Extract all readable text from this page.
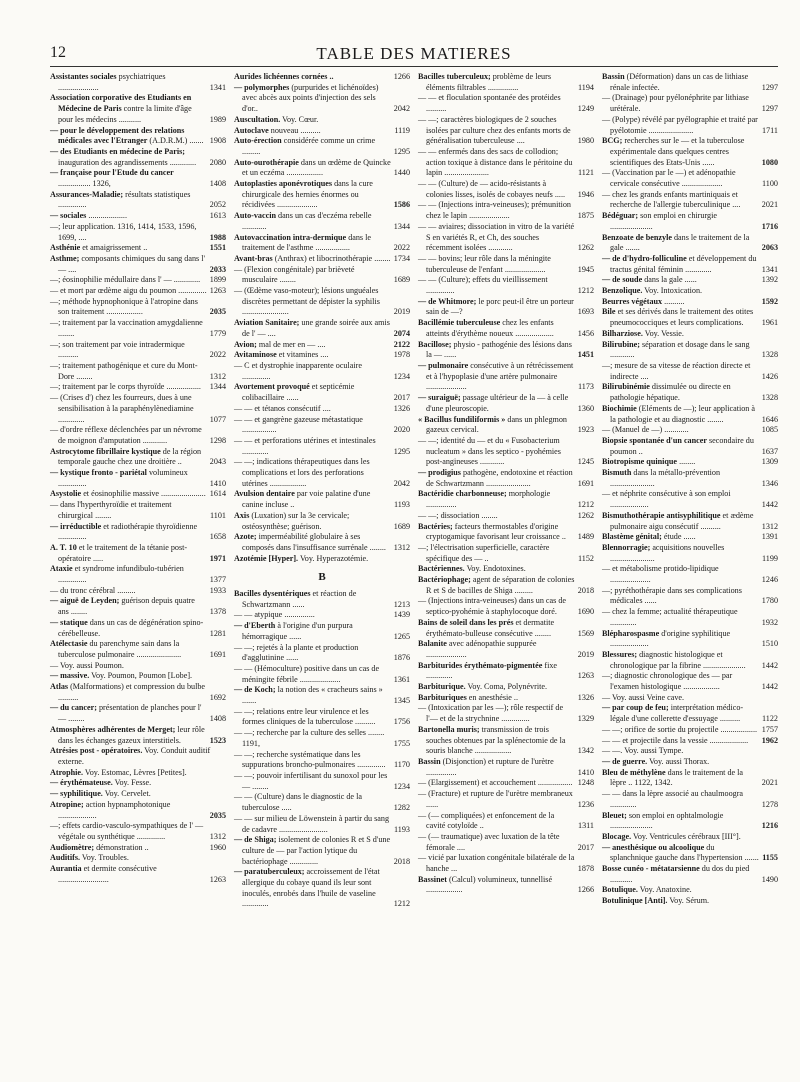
12	TABLE DES MATIERES
Assistantes sociales psychiatriques ....................	1341
Association corporative des Etudiants en Médecine de Paris contre la limite d'âge pour les médecins ...........	1989
— pour le développement des relations médicales avec l'Etranger (A.D.R.M.) ....... 1908
— des Etudiants en médecine de Paris; inauguration des agrandissements .............	2080
— française pour l'Etude du cancer ................ 1326,	1408
Assurances-Maladie; résultats statistiques ..............	2052
— sociales ...................	1613
—; leur application. 1316, 1414, 1533, 1596, 1699, ....	1988
Asthénie et amaigrissement ..	1551
Asthme; composants chimiques du sang dans l' — ....	2033
—; éosinophilie médullaire dans l' — .............	1899
— et mort par œdème aigu du poumon .............. 1263
—; méthode hypnophonique à l'atropine dans son traitement ..................	2035
—; traitement par la vaccination amygdalienne ........	1779
—; son traitement par voie intradermique ..........	2022
—; traitement pathogénique et cure du Mont-Dore ........	1312
—; traitement par le corps thyroïde .................	1344
— (Crises d') chez les fourreurs, dues à une sensibilisation à la paraphénylènediamine .............	1077
— d'ordre réflexe déclenchées par un névrome de moignon d'amputation ............	1298
Astrocytome fibrillaire kystique de la région temporale gauche chez une droitière ..	2043
— kystique fronto - pariétal volumineux ..............	1410
Asystolie et éosinophilie massive ...................... 1614
— dans l'hyperthyroïdie et traitement chirurgical ........	1101
— irréductible et radiothérapie thyroïdienne ..............	1658
A. T. 10 et le traitement de la tétanie post-opératoire .....	1971
Ataxie et syndrome infundibulo-tubérien ..............	1377
— du tronc cérébral .........	1933
— aiguë de Leyden; guérison depuis quatre ans ........	1378
— statique dans un cas de dégénération spino-cérébelleuse.	1281
Atélectasie du parenchyme sain dans la tuberculose pulmonaire ......................	1691
— Voy. aussi Poumon.
— massive. Voy. Poumon, Poumon [Lobe].
Atlas (Malformations) et compression du bulbe ..........	1692
— du cancer; présentation de planches pour l' — ........	1408
Atmosphères adhérentes de Merget; leur rôle dans les échanges gazeux interstitiels.	1523
Atrésies post - opératoires. Voy. Conduit auditif externe.
Atrophie. Voy. Estomac, Lèvres [Petites].
— érythémateuse. Voy. Fesse.
— syphilitique. Voy. Cervelet.
Atropine; action hypnamphotonique ...................	2035
—; effets cardio-vasculo-sympathiques de l' — végétale ou synthétique ..............	1312
Audiomètre; démonstration ..	1960
Auditifs. Voy. Troubles.
Aurantia et dermite consécutive .........................	1263
Aurides lichéennes cornées ..	1266
— polymorphes (purpurides et lichénoïdes) avec abcès aux points d'injection des sels d'or..	2042
Auscultation. Voy. Cœur.
Autoclave nouveau ..........	1119
Auto-érection considérée comme un crime .........	1295
Auto-ourothérapie dans un œdème de Quincke et un eczéma ..................	1440
Autoplasties aponévrotiques dans la cure chirurgicale des hernies énormes ou récidivées ....................	1586
Auto-vaccin dans un cas d'eczéma rebelle ............	1344
Autovaccination intra-dermique dans le traitement de l'asthme .................	2022
Avant-bras (Anthrax) et libocrinothérapie ........ 1734
— (Flexion congénitale) par brièveté musculaire ........	1689
— (Œdème vaso-moteur); lésions unguéales discrètes permettant de dépister la syphilis .......................	2019
Aviation Sanitaire; une grande soirée aux amis de l' — ....	2074
Avion; mal de mer en — ....	2122
Avitaminose et vitamines ....	1978
— C et dystrophie inapparente oculaire ..............	1234
Avortement provoqué et septicémie colibacillaire ......	2017
— — et tétanos consécutif ....	1326
— — et gangrène gazeuse métastatique .................	2020
— — et perforations utérines et intestinales .............	1295
— —; indications thérapeutiques dans les complications et lors des perforations utérines ..................	2042
Avulsion dentaire par voie palatine d'une canine incluse ..	1193
Axis (Luxation) sur la 3e cervicale; ostéosynthèse; guérison.	1689
Azote; imperméabilité globulaire à ses composés dans l'insuffisance surrénale ........ 1312
Azotémie [Hyper]. Voy. Hyperazotémie.
B
Bacilles dysentériques et réaction de Schwartzmann ......	1213
— — atypique ...............	1439
— d'Eberth à l'origine d'un purpura hémorragique ......	1265
— —; rejetés à la plante et production d'agglutinine ......	1876
— — (Hémoculture) positive dans un cas de méningite fébrile ....................	1361
— de Koch; la notion des « cracheurs sains » .......	1345
— —; relations entre leur virulence et les formes cliniques de la tuberculose ..........	1756
— —; recherche par la culture des selles ........ 1191,	1755
— —; recherche systématique dans les suppurations broncho-pulmonaires ..............	1170
— —; pouvoir infertilisant du sunoxol pour les — ........	1234
— — (Culture) dans le diagnostic de la tuberculose .....	1282
— — sur milieu de Löwenstein à partir du sang de cadavre ........................	1193
— de Shiga; isolement de colonies R et S d'une culture de — par l'action lytique du bactériophage ..............	2018
— paratuberculeux; accroissement de l'état allergique du cobaye quand ils leur sont inoculés, enrobés dans l'huile de vaseline .............	1212
Bacilles tuberculeux; problème de leurs éléments filtrables ...............	1194
— — et floculation spontanée des protéides ..........	1249
— —; caractères biologiques de 2 souches isolées par culture chez des enfants morts de généralisation tuberculeuse ....	1980
— — enfermés dans des sacs de collodion; action toxique à distance dans le péritoine du lapin ......................	1121
— — (Culture) de — acido-résistants à colonies lisses, isolés de cobayes neufs .....	1946
— — (Injections intra-veineuses); prémunition chez le lapin ....................	1875
— — aviaires; dissociation in vitro de la variété S en variétés R, et Ch, des souches récemment isolées ............	1262
— — bovins; leur rôle dans la méningite tuberculeuse de l'enfant ....................	1945
— — (Culture); effets du vieillissement ..............	1212
— de Whitmore; le porc peut-il être un porteur sain de —?	1693
Bacillémie tuberculeuse chez les enfants atteints d'érythème noueux ...................	1456
Bacillose; physio - pathogénie des lésions dans la — ......	1451
— pulmonaire consécutive à un rétrécissement et à l'hypoplasie d'une artère pulmonaire ....................	1173
— suraiguë; passage ultérieur de la — à celle d'une pleuroscopie.	1360
« Bacillus fundiliformis » dans un phlegmon gazeux cervical.	1923
— —; identité du — et du « Fusobacterium nucleatum » dans les septico - pyohémies post-angineuses ............	1245
— prodigius pathogène, endotoxine et réaction de Schwartzmann ......................	1691
Bactéridie charbonneuse; morphologie ...............	1212
— —; dissociation ........	1262
Bactéries; facteurs thermostables d'origine cryptogamique favorisant leur croissance ..	1489
—; l'électrisation superficielle, caractère spécifique des — ..	1152
Bactériennes. Voy. Endotoxines.
Bactériophage; agent de séparation de colonies R et S de bacilles de Shiga .........	2018
— (Injections intra-veineuses) dans un cas de septico-pyohémie à staphylocoque doré.	1690
Bains de soleil dans les prés et dermatite érythémato-bulleuse consécutive ........	1569
Balanite avec adénopathie suppurée ....................	2019
Barbiturides érythémato-pigmentée fixe .............	1263
Barbiturique. Voy. Coma, Polynévrite.
Barbituriques en anesthésie ..	1326
— (Intoxication par les —); rôle respectif de l'— et de la strychnine ..............	1329
Bartonella muris; transmission de trois souches obtenues par la splénectomie de la souris blanche ..................	1342
Bassin (Disjonction) et rupture de l'urètre ...............	1410
— (Elargissement) et accouchement ................. 1248
— (Fracture) et rupture de l'urètre membraneux ......	1236
— (— compliquées) et enfoncement de la cavité cotyloïde ..	1311
— (— traumatique) avec luxation de la tête fémorale ....	2017
— vicié par luxation congénitale bilatérale de la hanche ...	1878
Bassinet (Calcul) volumineux, tunnellisé ..................	1266
Bassin (Déformation) dans un cas de lithiase rénale infectée.	1297
— (Drainage) pour pyélonéphrite par lithiase urétérale.	1297
— (Polype) révélé par pyélographie et traité par pyélotomie ......................	1711
BCG; recherches sur le — et la tuberculose expérimentale dans quelques centres scientifiques des Etats-Unis ......	1080
— (Vaccination par le —) et adénopathie cervicale consécutive ....................	1100
— chez les grands enfants martiniquais et recherche de l'allergie tuberculinique ....	2021
Bédéguar; son emploi en chirurgie .....................	1716
Benzoate de benzyle dans le traitement de la gale .......	2063
— de d'hydro-folliculine et développement du tractus génital féminin .............	1341
— de soude dans la gale ......	1392
Benzolique. Voy. Intoxication.
Beurres végétaux ..........	1592
Bile et ses dérivés dans le traitement des otites pneumococciques et leurs complications.	1961
Bilharziose. Voy. Vessie.
Bilirubine; séparation et dosage dans le sang ............	1328
—; mesure de sa vitesse de réaction directe et indirecte ....	1426
Bilirubinémie dissimulée ou directe en pathologie hépatique.	1328
Biochimie (Eléments de —); leur application à la pathologie et au diagnostic ........	1646
— (Manuel de —) ............	1085
Biopsie spontanée d'un cancer secondaire du poumon ..	1637
Biotropisme quinique ........	1309
Bismuth dans la métallo-prévention ......................	1346
— et néphrite consécutive à son emploi ...................	1442
Bismuthothérapie antisyphilitique et ædème pulmonaire aigu consécutif ..........	1312
Blastème génital; étude ......	1391
Blennorragie; acquisitions nouvelles ......................	1199
— et métabolisme protido-lipidique ....................	1246
—; pyréthothérapie dans ses complications médicales ......	1780
— chez la femme; actualité thérapeutique .............	1932
Blépharospasme d'origine syphilitique ...................	1510
Blessures; diagnostic histologique et chronologique par la fibrine .....................	1442
—; diagnostic chronologique des — par l'examen histologique ..................	1442
— Voy. aussi Veine cave.
— par coup de feu; interprétation médico-légale d'une collerette d'essuyage ..........	1122
— —; orifice de sortie du projectile .................. 1757
— — et projectile dans la vessie ...................	1962
— —. Voy. aussi Tympe.
— de guerre. Voy. aussi Thorax.
Bleu de méthylène dans le traitement de la lèpre .. 1122, 1342.	2021
— — dans la lèpre associé au chaulmoogra .............	1278
Bleuet; son emploi en ophtalmologie .....................	1216
Blocage. Voy. Ventricules cérébraux [III°].
— anesthésique ou alcoolique du splanchnique gauche dans l'hypertension ....... 1155
Bosse cunéo - métatarsienne du dos du pied ...........	1490
Botulique. Voy. Anatoxine.
Botulinique [Anti]. Voy. Sérum.
